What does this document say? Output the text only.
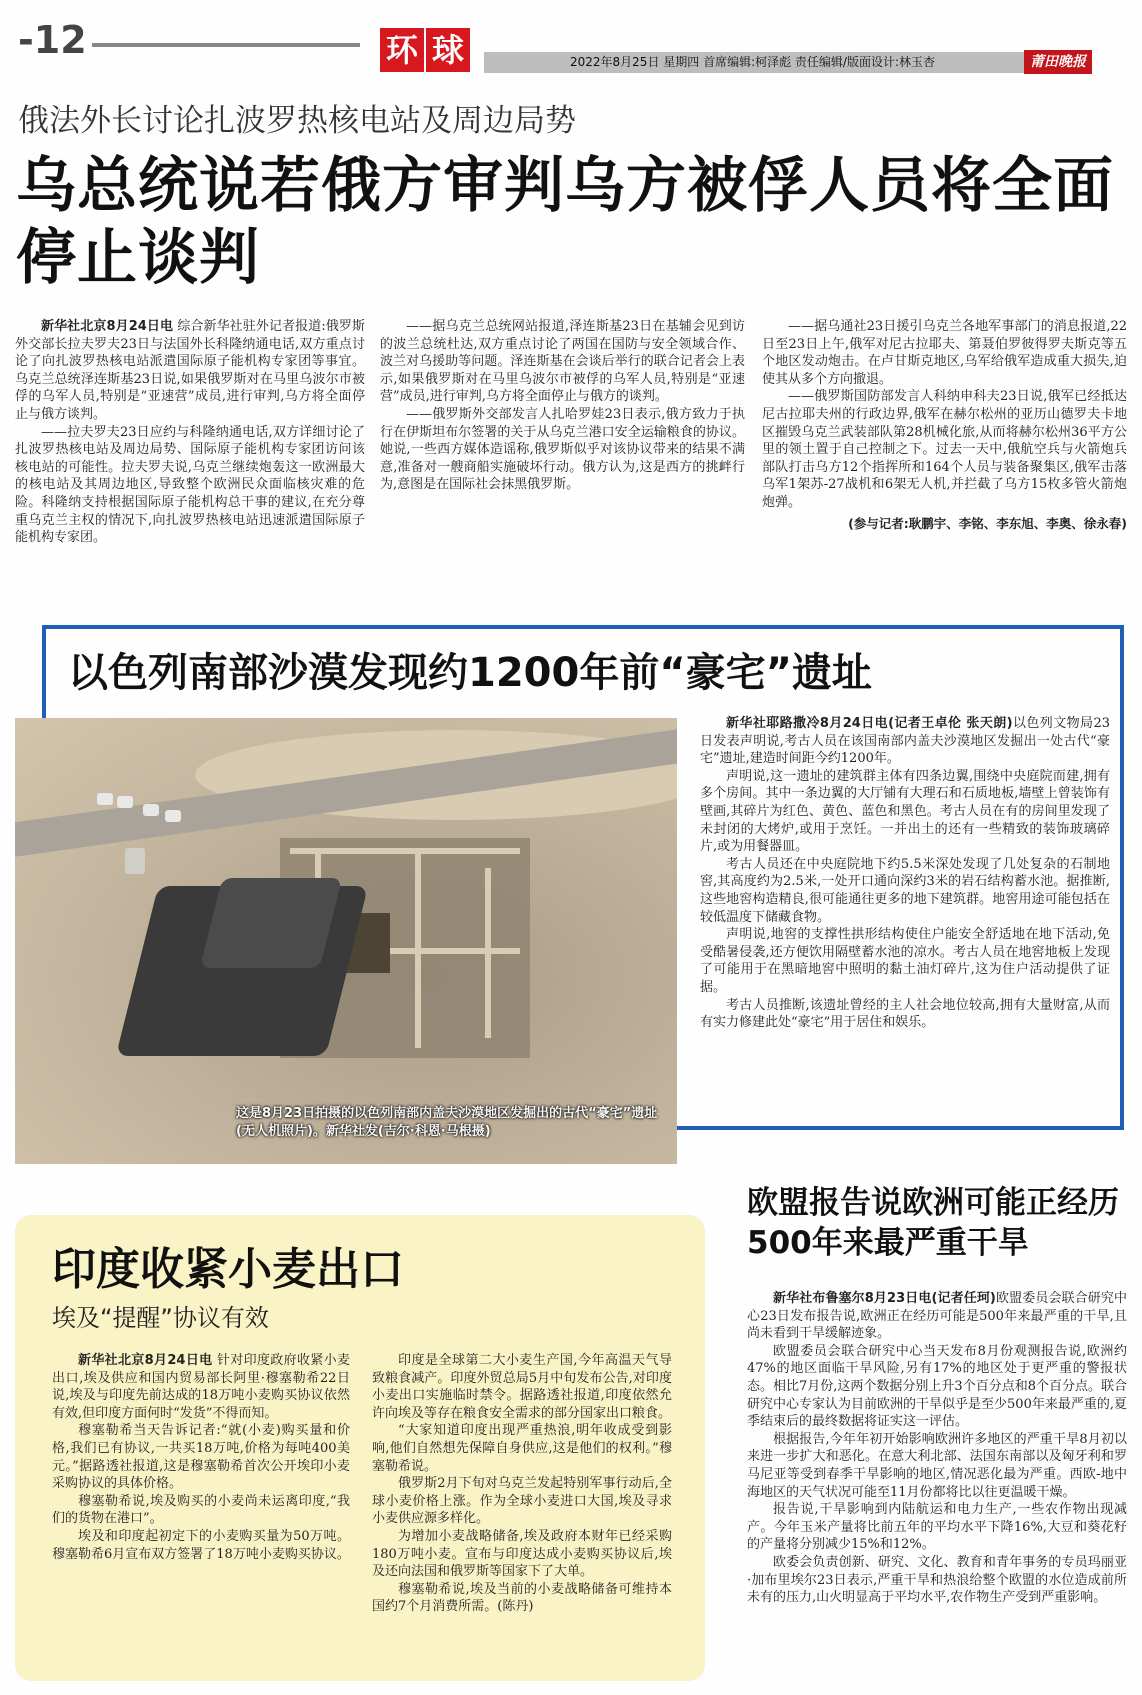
-12	环 球	2022年8月25日 星期四 首席编辑:柯泽彪 责任编辑/版面设计:林玉杏	莆田晚报
俄法外长讨论扎波罗热核电站及周边局势
乌总统说若俄方审判乌方被俘人员将全面停止谈判

新华社北京8月24日电 综合新华社驻外记者报道:俄罗斯外交部长拉夫罗夫23日与法国外长科隆纳通电话,双方重点讨论了向扎波罗热核电站派遣国际原子能机构专家团等事宜。乌克兰总统泽连斯基23日说,如果俄罗斯对在马里乌波尔市被俘的乌军人员,特别是“亚速营”成员,进行审判,乌方将全面停止与俄方谈判。

——拉夫罗夫23日应约与科隆纳通电话,双方详细讨论了扎波罗热核电站及周边局势、国际原子能机构专家团访问该核电站的可能性。拉夫罗夫说,乌克兰继续炮轰这一欧洲最大的核电站及其周边地区,导致整个欧洲民众面临核灾难的危险。科隆纳支持根据国际原子能机构总干事的建议,在充分尊重乌克兰主权的情况下,向扎波罗热核电站迅速派遣国际原子能机构专家团。

——据乌克兰总统网站报道,泽连斯基23日在基辅会见到访的波兰总统杜达,双方重点讨论了两国在国防与安全领域合作、波兰对乌援助等问题。泽连斯基在会谈后举行的联合记者会上表示,如果俄罗斯对在马里乌波尔市被俘的乌军人员,特别是“亚速营”成员,进行审判,乌方将全面停止与俄方的谈判。

——俄罗斯外交部发言人扎哈罗娃23日表示,俄方致力于执行在伊斯坦布尔签署的关于从乌克兰港口安全运输粮食的协议。她说,一些西方媒体造谣称,俄罗斯似乎对该协议带来的结果不满意,准备对一艘商船实施破坏行动。俄方认为,这是西方的挑衅行为,意图是在国际社会抹黑俄罗斯。

——据乌通社23日援引乌克兰各地军事部门的消息报道,22日至23日上午,俄军对尼古拉耶夫、第聂伯罗彼得罗夫斯克等五个地区发动炮击。在卢甘斯克地区,乌军给俄军造成重大损失,迫使其从多个方向撤退。

——俄罗斯国防部发言人科纳申科夫23日说,俄军已经抵达尼古拉耶夫州的行政边界,俄军在赫尔松州的亚历山德罗夫卡地区摧毁乌克兰武装部队第28机械化旅,从而将赫尔松州36平方公里的领土置于自己控制之下。过去一天中,俄航空兵与火箭炮兵部队打击乌方12个指挥所和164个人员与装备聚集区,俄军击落乌军1架苏-27战机和6架无人机,并拦截了乌方15枚多管火箭炮炮弹。

(参与记者:耿鹏宇、李铭、李东旭、李奥、徐永春)
以色列南部沙漠发现约1200年前“豪宅”遗址
这是8月23日拍摄的以色列南部内盖夫沙漠地区发掘出的古代“豪宅”遗址(无人机照片)。新华社发(吉尔·科恩·马根摄)

新华社耶路撒冷8月24日电(记者王卓伦 张天朗)以色列文物局23日发表声明说,考古人员在该国南部内盖夫沙漠地区发掘出一处古代“豪宅”遗址,建造时间距今约1200年。

声明说,这一遗址的建筑群主体有四条边翼,围绕中央庭院而建,拥有多个房间。其中一条边翼的大厅铺有大理石和石质地板,墙壁上曾装饰有壁画,其碎片为红色、黄色、蓝色和黑色。考古人员在有的房间里发现了未封闭的大烤炉,或用于烹饪。一并出土的还有一些精致的装饰玻璃碎片,或为用餐器皿。

考古人员还在中央庭院地下约5.5米深处发现了几处复杂的石制地窖,其高度约为2.5米,一处开口通向深约3米的岩石结构蓄水池。据推断,这些地窖构造精良,很可能通往更多的地下建筑群。地窖用途可能包括在较低温度下储藏食物。

声明说,地窖的支撑性拱形结构使住户能安全舒适地在地下活动,免受酷暑侵袭,还方便饮用隔壁蓄水池的凉水。考古人员在地窖地板上发现了可能用于在黑暗地窖中照明的黏土油灯碎片,这为住户活动提供了证据。

考古人员推断,该遗址曾经的主人社会地位较高,拥有大量财富,从而有实力修建此处“豪宅”用于居住和娱乐。

印度收紧小麦出口
埃及“提醒”协议有效

新华社北京8月24日电 针对印度政府收紧小麦出口,埃及供应和国内贸易部长阿里·穆塞勒希22日说,埃及与印度先前达成的18万吨小麦购买协议依然有效,但印度方面何时“发货”不得而知。

穆塞勒希当天告诉记者:“就(小麦)购买量和价格,我们已有协议,一共买18万吨,价格为每吨400美元。”据路透社报道,这是穆塞勒希首次公开埃印小麦采购协议的具体价格。

穆塞勒希说,埃及购买的小麦尚未运离印度,“我们的货物在港口”。

埃及和印度起初定下的小麦购买量为50万吨。穆塞勒希6月宣布双方签署了18万吨小麦购买协议。

印度是全球第二大小麦生产国,今年高温天气导致粮食减产。印度外贸总局5月中旬发布公告,对印度小麦出口实施临时禁令。据路透社报道,印度依然允许向埃及等存在粮食安全需求的部分国家出口粮食。

“大家知道印度出现严重热浪,明年收成受到影响,他们自然想先保障自身供应,这是他们的权利。”穆塞勒希说。

俄罗斯2月下旬对乌克兰发起特别军事行动后,全球小麦价格上涨。作为全球小麦进口大国,埃及寻求小麦供应源多样化。

为增加小麦战略储备,埃及政府本财年已经采购180万吨小麦。宣布与印度达成小麦购买协议后,埃及还向法国和俄罗斯等国家下了大单。

穆塞勒希说,埃及当前的小麦战略储备可维持本国约7个月消费所需。(陈丹)

欧盟报告说欧洲可能正经历500年来最严重干旱

新华社布鲁塞尔8月23日电(记者任珂)欧盟委员会联合研究中心23日发布报告说,欧洲正在经历可能是500年来最严重的干旱,且尚未看到干旱缓解迹象。

欧盟委员会联合研究中心当天发布8月份观测报告说,欧洲约47%的地区面临干旱风险,另有17%的地区处于更严重的警报状态。相比7月份,这两个数据分别上升3个百分点和8个百分点。联合研究中心专家认为目前欧洲的干旱似乎是至少500年来最严重的,夏季结束后的最终数据将证实这一评估。

根据报告,今年年初开始影响欧洲许多地区的严重干旱8月初以来进一步扩大和恶化。在意大利北部、法国东南部以及匈牙利和罗马尼亚等受到春季干旱影响的地区,情况恶化最为严重。西欧-地中海地区的天气状况可能至11月份都将比以往更温暖干燥。

报告说,干旱影响到内陆航运和电力生产,一些农作物出现减产。今年玉米产量将比前五年的平均水平下降16%,大豆和葵花籽的产量将分别减少15%和12%。

欧委会负责创新、研究、文化、教育和青年事务的专员玛丽亚·加布里埃尔23日表示,严重干旱和热浪给整个欧盟的水位造成前所未有的压力,山火明显高于平均水平,农作物生产受到严重影响。
